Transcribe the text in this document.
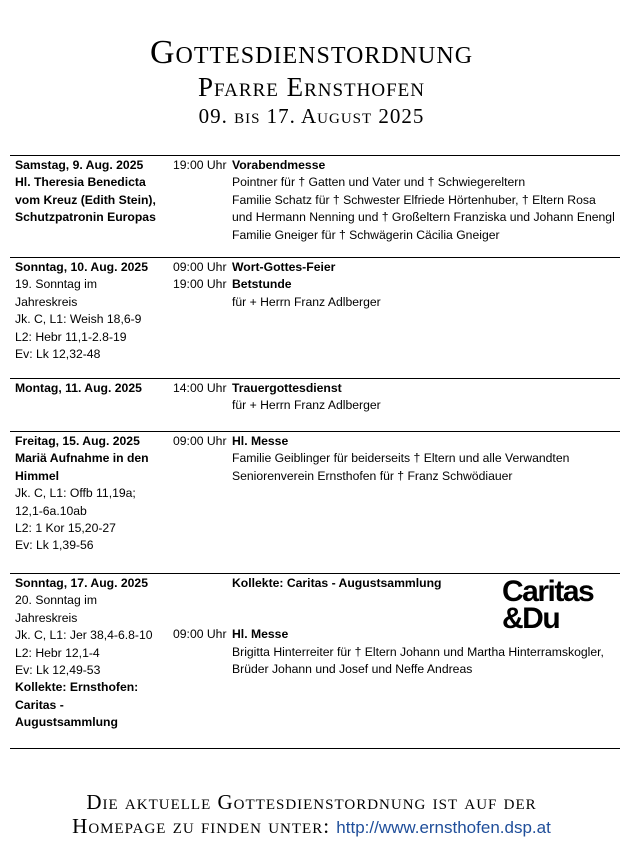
Gottesdienstordnung
Pfarre Ernsthofen
09. bis 17. August 2025
Samstag, 9. Aug. 2025
Hl. Theresia Benedicta
vom Kreuz (Edith Stein),
Schutzpatronin Europas
19:00 Uhr Vorabendmesse
Pointner für † Gatten und Vater und † Schwiegereltern
Familie Schatz für † Schwester Elfriede Hörtenhuber, † Eltern Rosa
und Hermann Nenning und † Großeltern Franziska und Johann Enengl
Familie Gneiger für † Schwägerin Cäcilia Gneiger
Sonntag, 10. Aug. 2025
19. Sonntag im
Jahreskreis
Jk. C, L1: Weish 18,6-9
L2: Hebr 11,1-2.8-19
Ev: Lk 12,32-48
09:00 Uhr Wort-Gottes-Feier
19:00 Uhr Betstunde
für + Herrn Franz Adlberger
Montag, 11. Aug. 2025	14:00 Uhr Trauergottesdienst
für + Herrn Franz Adlberger
Freitag, 15. Aug. 2025
Mariä Aufnahme in den
Himmel
Jk. C, L1: Offb 11,19a;
12,1-6a.10ab
L2: 1 Kor 15,20-27
Ev: Lk 1,39-56
09:00 Uhr Hl. Messe
Familie Geiblinger für beiderseits † Eltern und alle Verwandten
Seniorenverein Ernsthofen für † Franz Schwödiauer
Sonntag, 17. Aug. 2025
20. Sonntag im
Jahreskreis
Jk. C, L1: Jer 38,4-6.8-10
L2: Hebr 12,1-4
Ev: Lk 12,49-53
Kollekte: Ernsthofen:
Caritas -
Augustsammlung
Kollekte: Caritas - Augustsammlung
09:00 Uhr Hl. Messe
Brigitta Hinterreiter für † Eltern Johann und Martha Hinterramskogler,
Brüder Johann und Josef und Neffe Andreas
Caritas
&Du
Die aktuelle Gottesdienstordnung ist auf der
Homepage zu finden unter: http://www.ernsthofen.dsp.at
